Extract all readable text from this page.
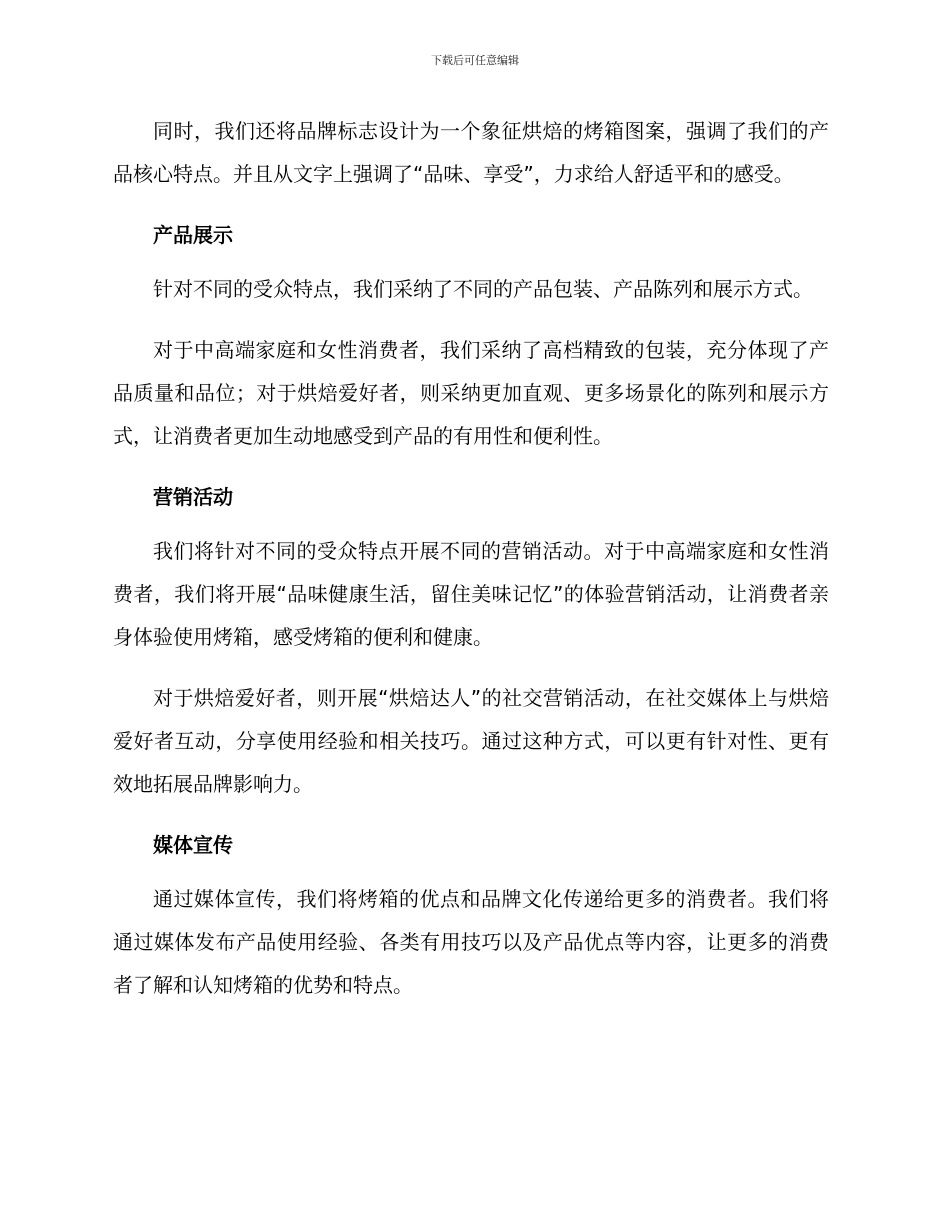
下载后可任意编辑

同时，我们还将品牌标志设计为一个象征烘焙的烤箱图案，强调了我们的产品核心特点。并且从文字上强调了“品味、享受”，力求给人舒适平和的感受。

产品展示

针对不同的受众特点，我们采纳了不同的产品包装、产品陈列和展示方式。

对于中高端家庭和女性消费者，我们采纳了高档精致的包装，充分体现了产品质量和品位；对于烘焙爱好者，则采纳更加直观、更多场景化的陈列和展示方式，让消费者更加生动地感受到产品的有用性和便利性。

营销活动

我们将针对不同的受众特点开展不同的营销活动。对于中高端家庭和女性消费者，我们将开展“品味健康生活，留住美味记忆”的体验营销活动，让消费者亲身体验使用烤箱，感受烤箱的便利和健康。

对于烘焙爱好者，则开展“烘焙达人”的社交营销活动，在社交媒体上与烘焙爱好者互动，分享使用经验和相关技巧。通过这种方式，可以更有针对性、更有效地拓展品牌影响力。

媒体宣传

通过媒体宣传，我们将烤箱的优点和品牌文化传递给更多的消费者。我们将通过媒体发布产品使用经验、各类有用技巧以及产品优点等内容，让更多的消费者了解和认知烤箱的优势和特点。
